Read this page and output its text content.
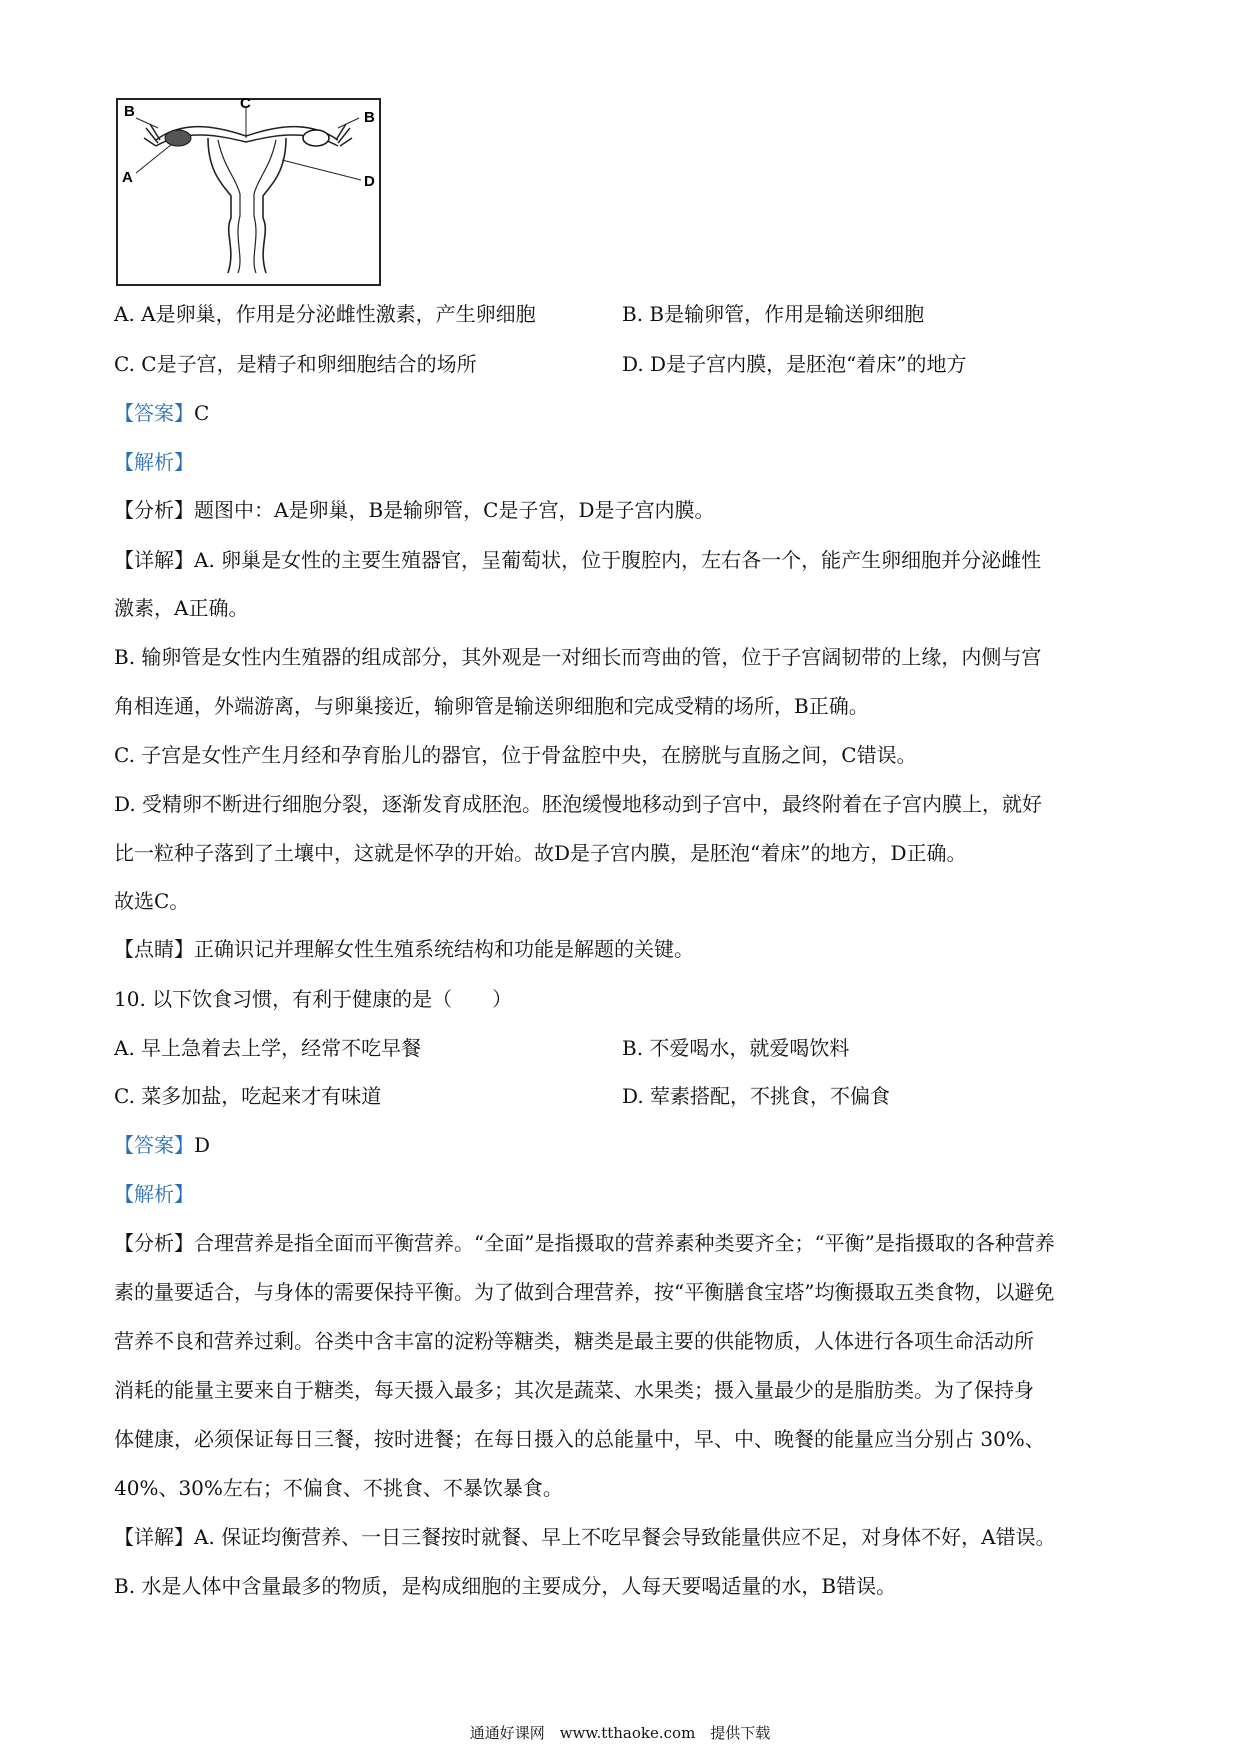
B	C
B
A	D
A. A是卵巢，作用是分泌雌性激素，产生卵细胞	B. B是输卵管，作用是输送卵细胞
C. C是子宫，是精子和卵细胞结合的场所	D. D是子宫内膜，是胚泡“着床”的地方
【答案】C
【解析】
【分析】题图中：A是卵巢，B是输卵管，C是子宫，D是子宫内膜。
【详解】A. 卵巢是女性的主要生殖器官，呈葡萄状，位于腹腔内，左右各一个，能产生卵细胞并分泌雌性
激素，A正确。
B. 输卵管是女性内生殖器的组成部分，其外观是一对细长而弯曲的管，位于子宫阔韧带的上缘，内侧与宫
角相连通，外端游离，与卵巢接近，输卵管是输送卵细胞和完成受精的场所，B正确。
C. 子宫是女性产生月经和孕育胎儿的器官，位于骨盆腔中央，在膀胱与直肠之间，C错误。
D. 受精卵不断进行细胞分裂，逐渐发育成胚泡。胚泡缓慢地移动到子宫中，最终附着在子宫内膜上，就好
比一粒种子落到了土壤中，这就是怀孕的开始。故D是子宫内膜，是胚泡“着床”的地方，D正确。
故选C。
【点睛】正确识记并理解女性生殖系统结构和功能是解题的关键。
10. 以下饮食习惯，有利于健康的是（　　）
A. 早上急着去上学，经常不吃早餐	B. 不爱喝水，就爱喝饮料
C. 菜多加盐，吃起来才有味道	D. 荤素搭配，不挑食，不偏食
【答案】D
【解析】
【分析】合理营养是指全面而平衡营养。“全面”是指摄取的营养素种类要齐全；“平衡”是指摄取的各种营养
素的量要适合，与身体的需要保持平衡。为了做到合理营养，按“平衡膳食宝塔”均衡摄取五类食物，以避免
营养不良和营养过剩。谷类中含丰富的淀粉等糖类，糖类是最主要的供能物质，人体进行各项生命活动所
消耗的能量主要来自于糖类，每天摄入最多；其次是蔬菜、水果类；摄入量最少的是脂肪类。为了保持身
体健康，必须保证每日三餐，按时进餐；在每日摄入的总能量中，早、中、晚餐的能量应当分别占 30%、
40%、30%左右；不偏食、不挑食、不暴饮暴食。
【详解】A. 保证均衡营养、一日三餐按时就餐、早上不吃早餐会导致能量供应不足，对身体不好，A错误。
B. 水是人体中含量最多的物质，是构成细胞的主要成分，人每天要喝适量的水，B错误。
通通好课网　www.tthaoke.com　提供下载
